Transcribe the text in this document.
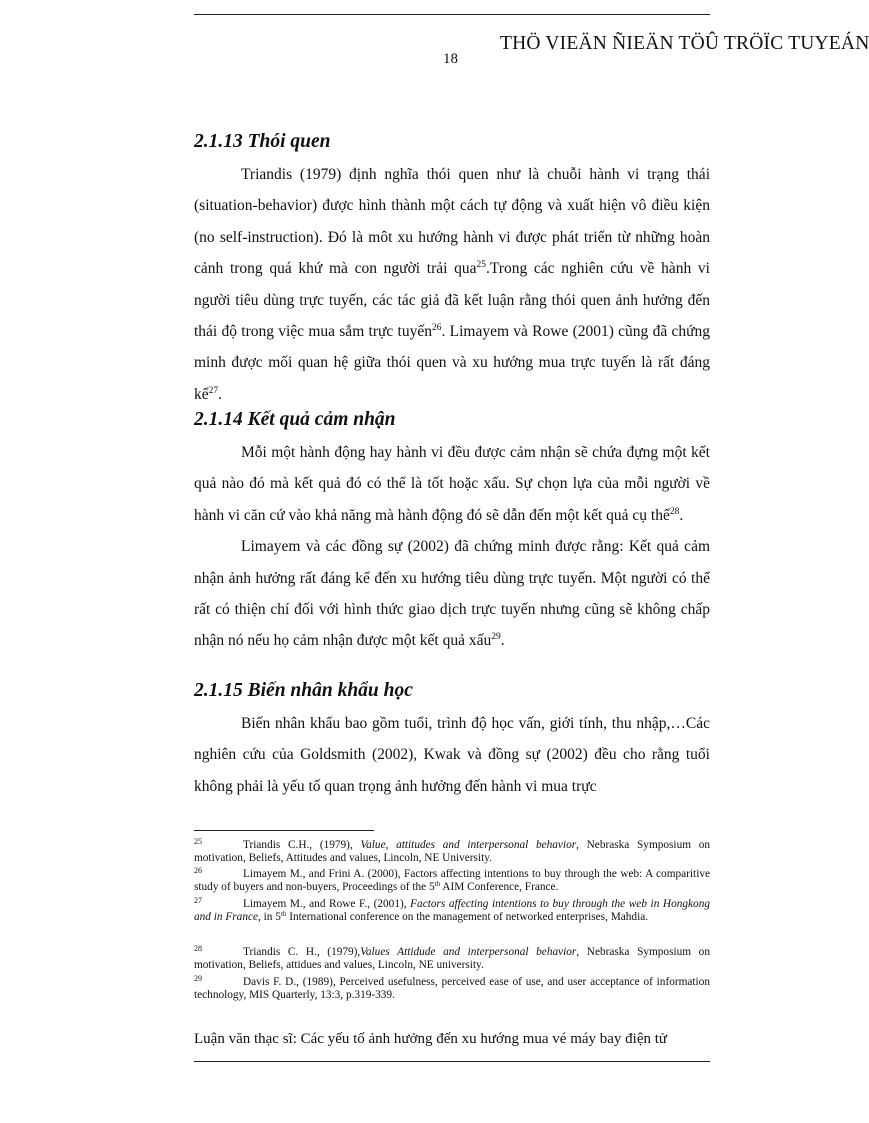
18
THÖ VIEÄN ÑIEÄN TÖÛ TRÖÏC TUYEÁN
2.1.13 Thói quen

Triandis (1979) định nghĩa thói quen như là chuỗi hành vi trạng thái (situation-behavior) được hình thành một cách tự động và xuất hiện vô điều kiện (no self-instruction). Đó là môt xu hướng hành vi được phát triển từ những hoàn cảnh trong quá khứ mà con người trải qua$^{25}$.Trong các nghiên cứu về hành vi người tiêu dùng trực tuyến, các tác giả đã kết luận rằng thói quen ảnh hưởng đến thái độ trong việc mua sắm trực tuyến$^{26}$. Limayem và Rowe (2001) cũng đã chứng minh được mối quan hệ giữa thói quen và xu hướng mua trực tuyến là rất đáng kể$^{27}$.

2.1.14 Kết quả cảm nhận

Mỗi một hành động hay hành vi đều được cảm nhận sẽ chứa đựng một kết quả nào đó mà kết quả đó có thể là tốt hoặc xấu. Sự chọn lựa của mỗi người về hành vi căn cứ vào khả năng mà hành động đó sẽ dẫn đến một kết quả cụ thể$^{28}$.

Limayem và các đồng sự (2002) đã chứng minh được rằng: Kết quả cảm nhận ảnh hưởng rất đáng kể đến xu hướng tiêu dùng trực tuyến. Một người có thể rất có thiện chí đối với hình thức giao dịch trực tuyến nhưng cũng sẽ không chấp nhận nó nếu họ cảm nhận được một kết quả xấu$^{29}$.

2.1.15 Biến nhân khẩu học

Biến nhân khẩu bao gồm tuổi, trình độ học vấn, giới tính, thu nhập,…Các nghiên cứu của Goldsmith (2002), Kwak và đồng sự (2002) đều cho rằng tuổi không phải là yếu tố quan trọng ảnh hưởng đến hành vi mua trực

25	Triandis C.H., (1979), Value, attitudes and interpersonal behavior, Nebraska Symposium on motivation, Beliefs, Attitudes and values, Lincoln, NE University.
26	Limayem M., and Frini A. (2000), Factors affecting intentions to buy through the web: A comparitive study of buyers and non-buyers, Proceedings of the 5th AIM Conference, France.
27	Limayem M., and Rowe F., (2001), Factors affecting intentions to buy through the web in Hongkong and in France, in 5th International conference on the management of networked enterprises, Mahdia.
28	Triandis C. H., (1979),Values Attidude and interpersonal behavior, Nebraska Symposium on motivation, Beliefs, attidues and values, Lincoln, NE university.
29	Davis F. D., (1989), Perceived usefulness, perceived ease of use, and user acceptance of information technology, MIS Quarterly, 13:3, p.319-339.
Luận văn thạc sĩ: Các yếu tố ảnh hưởng đến xu hướng mua vé máy bay điện tử
